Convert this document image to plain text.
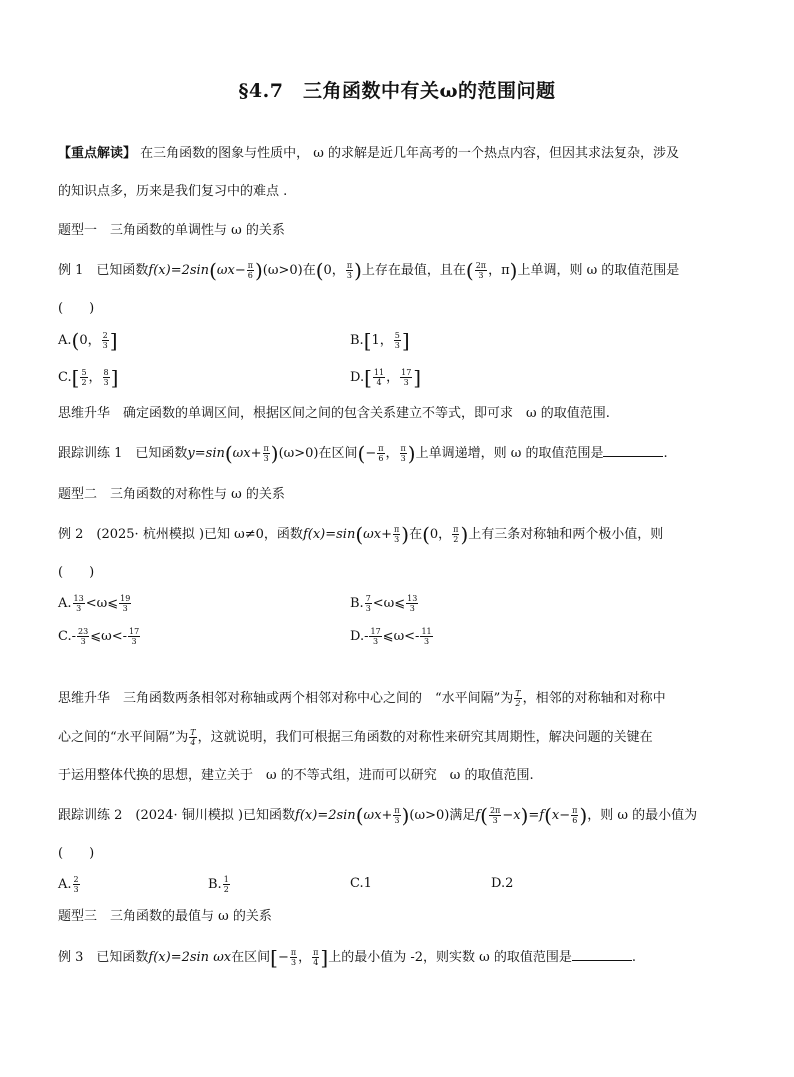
§4.7　三角函数中有关ω的范围问题
【重点解读】 在三角函数的图象与性质中， ω 的求解是近几年高考的一个热点内容，但因其求法复杂，涉及
的知识点多，历来是我们复习中的难点 .
题型一　三角函数的单调性与 ω 的关系
例 1　已知函数$f(x)=2\sin(\omega x- \frac{\pi}{6} )(\omega>0)$在(0， $\frac{\pi}{3}$ )上存在最值，且在( $\frac{2\pi}{3}$ ，π)上单调，则 ω 的取值范围是
(　　)
A.(0， $\frac{2}{3}$ ]	B.[1， $\frac{5}{3}$ ]
$C.[ \frac{5}{2}$ ， $\frac{8}{3}$ ]	$D.[ \frac{11}{4}$ ， $\frac{17}{3}$ ]
思维升华　确定函数的单调区间，根据区间之间的包含关系建立不等式，即可求　ω 的取值范围.
跟踪训练 1　已知函数$y=\sin(\omega x+ \frac{\pi}{3} )(\omega>0)$在区间(− $\frac{\pi}{6}$ ， $\frac{\pi}{3}$ )上单调递增，则 ω 的取值范围是	.
题型二　三角函数的对称性与 ω 的关系
例 2　(2025· 杭州模拟 )已知 ω≠0，函数$f(x)=\sin(\omega x+ \frac{\pi}{3}$ )在(0， $\frac{\pi}{2}$ )上有三条对称轴和两个极小值，则
(　　)
A. $\frac{13}{3}$ <ω⩽ $\frac{19}{3}$	B. $\frac{7}{3}$ <ω⩽ $\frac{13}{3}$
$C.- \frac{23}{3}$ ⩽ω<- $\frac{17}{3}$	$D.- \frac{17}{3}$ ⩽ω<- $\frac{11}{3}$
思维升华　三角函数两条相邻对称轴或两个相邻对称中心之间的　“水平间隔”为 $\frac{T}{2}$ ，相邻的对称轴和对称中
心之间的“水平间隔”为 $\frac{T}{4}$ ，这就说明，我们可根据三角函数的对称性来研究其周期性，解决问题的关键在
于运用整体代换的思想，建立关于　ω 的不等式组，进而可以研究　ω 的取值范围.
跟踪训练 2　(2024· 铜川模拟 )已知函数$f(x)=2\sin(\omega x+ \frac{\pi}{3} )(\omega>0)$满足$f( \frac{2\pi}{3} -x)=f(x- \frac{\pi}{6}$ )，则 ω 的最小值为
(　　)
A. $\frac{2}{3}$	B. $\frac{1}{2}$	C.1	D.2
题型三　三角函数的最值与 ω 的关系
例 3　已知函数f(x)=2sin ωx在区间[− $\frac{\pi}{3}$ ， $\frac{\pi}{4}$ ]上的最小值为 -2，则实数 ω 的取值范围是	.
